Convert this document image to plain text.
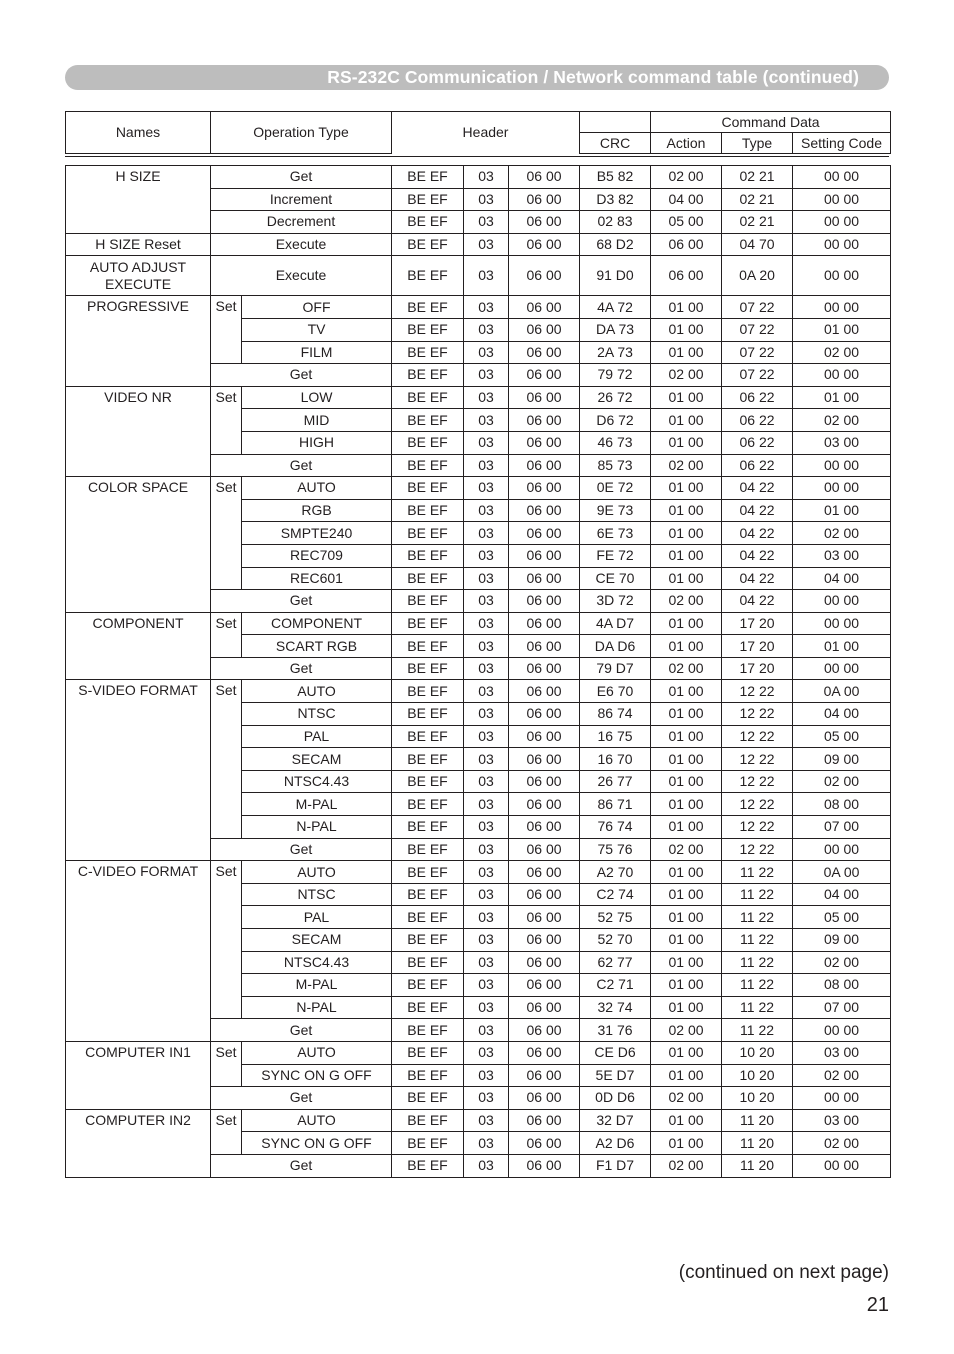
RS-232C Communication / Network command table (continued)
Names	Operation Type	Header		Command Data		
			CRC	Action	Type	Setting Code
H SIZE	Get		BE EF	03	06 00	B5 82	02 00	02 21	00 00
	Increment		BE EF	03	06 00	D3 82	04 00	02 21	00 00
	Decrement		BE EF	03	06 00	02 83	05 00	02 21	00 00
H SIZE Reset	Execute		BE EF	03	06 00	68 D2	06 00	04 70	00 00
AUTO ADJUST EXECUTE	Execute		BE EF	03	06 00	91 D0	06 00	0A 20	00 00
PROGRESSIVE	Set	OFF	BE EF	03	06 00	4A 72	01 00	07 22	00 00
		TV	BE EF	03	06 00	DA 73	01 00	07 22	01 00
		FILM	BE EF	03	06 00	2A 73	01 00	07 22	02 00
	Get		BE EF	03	06 00	79 72	02 00	07 22	00 00
VIDEO NR	Set	LOW	BE EF	03	06 00	26 72	01 00	06 22	01 00
		MID	BE EF	03	06 00	D6 72	01 00	06 22	02 00
		HIGH	BE EF	03	06 00	46 73	01 00	06 22	03 00
	Get		BE EF	03	06 00	85 73	02 00	06 22	00 00
COLOR SPACE	Set	AUTO	BE EF	03	06 00	0E 72	01 00	04 22	00 00
		RGB	BE EF	03	06 00	9E 73	01 00	04 22	01 00
		SMPTE240	BE EF	03	06 00	6E 73	01 00	04 22	02 00
		REC709	BE EF	03	06 00	FE 72	01 00	04 22	03 00
		REC601	BE EF	03	06 00	CE 70	01 00	04 22	04 00
	Get		BE EF	03	06 00	3D 72	02 00	04 22	00 00
COMPONENT	Set	COMPONENT	BE EF	03	06 00	4A D7	01 00	17 20	00 00
		SCART RGB	BE EF	03	06 00	DA D6	01 00	17 20	01 00
	Get		BE EF	03	06 00	79 D7	02 00	17 20	00 00
S-VIDEO FORMAT	Set	AUTO	BE EF	03	06 00	E6 70	01 00	12 22	0A 00
		NTSC	BE EF	03	06 00	86 74	01 00	12 22	04 00
		PAL	BE EF	03	06 00	16 75	01 00	12 22	05 00
		SECAM	BE EF	03	06 00	16 70	01 00	12 22	09 00
		NTSC4.43	BE EF	03	06 00	26 77	01 00	12 22	02 00
		M-PAL	BE EF	03	06 00	86 71	01 00	12 22	08 00
		N-PAL	BE EF	03	06 00	76 74	01 00	12 22	07 00
	Get		BE EF	03	06 00	75 76	02 00	12 22	00 00
C-VIDEO FORMAT	Set	AUTO	BE EF	03	06 00	A2 70	01 00	11 22	0A 00
		NTSC	BE EF	03	06 00	C2 74	01 00	11 22	04 00
		PAL	BE EF	03	06 00	52 75	01 00	11 22	05 00
		SECAM	BE EF	03	06 00	52 70	01 00	11 22	09 00
		NTSC4.43	BE EF	03	06 00	62 77	01 00	11 22	02 00
		M-PAL	BE EF	03	06 00	C2 71	01 00	11 22	08 00
		N-PAL	BE EF	03	06 00	32 74	01 00	11 22	07 00
	Get		BE EF	03	06 00	31 76	02 00	11 22	00 00
COMPUTER IN1	Set	AUTO	BE EF	03	06 00	CE D6	01 00	10 20	03 00
		SYNC ON G OFF	BE EF	03	06 00	5E D7	01 00	10 20	02 00
	Get		BE EF	03	06 00	0D D6	02 00	10 20	00 00
COMPUTER IN2	Set	AUTO	BE EF	03	06 00	32 D7	01 00	11 20	03 00
		SYNC ON G OFF	BE EF	03	06 00	A2 D6	01 00	11 20	02 00
	Get		BE EF	03	06 00	F1 D7	02 00	11 20	00 00
(continued on next page)
21
